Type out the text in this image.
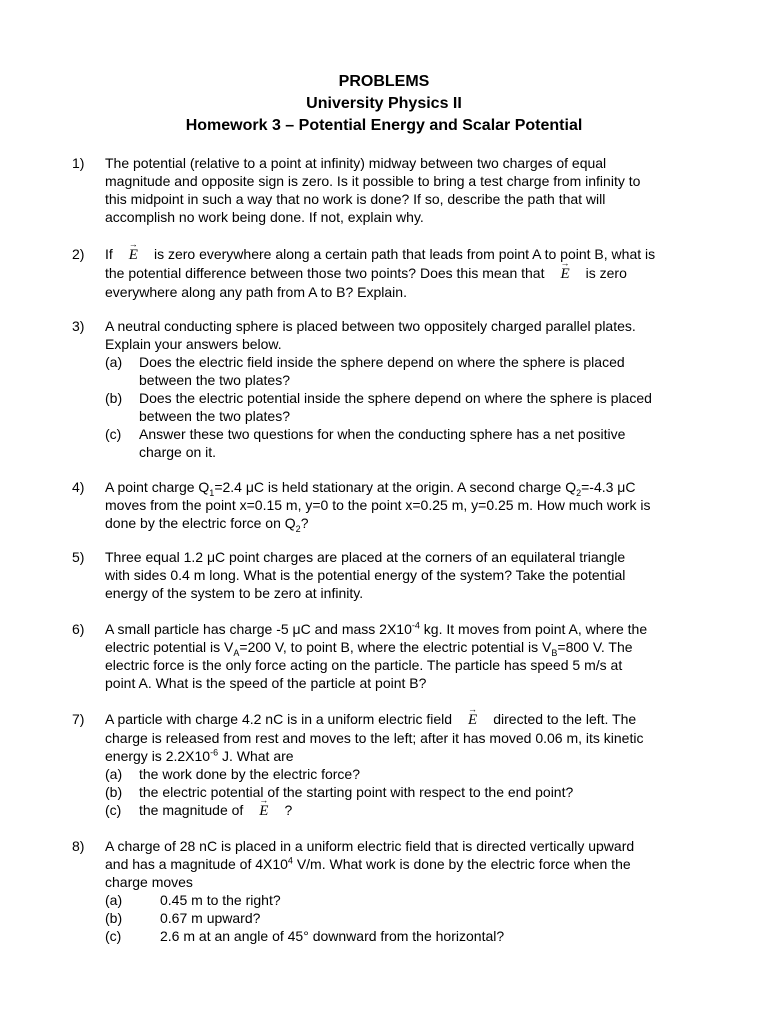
PROBLEMS
University Physics II
Homework 3 – Potential Energy and Scalar Potential
1) The potential (relative to a point at infinity) midway between two charges of equal
magnitude and opposite sign is zero. Is it possible to bring a test charge from infinity to
this midpoint in such a way that no work is done? If so, describe the path that will
accomplish no work being done. If not, explain why.
2) If → E is zero everywhere along a certain path that leads from point A to point B, what is
the potential difference between those two points? Does this mean that → E is zero
everywhere along any path from A to B? Explain.
3) A neutral conducting sphere is placed between two oppositely charged parallel plates.
Explain your answers below.
(a) Does the electric field inside the sphere depend on where the sphere is placed
between the two plates?
(b) Does the electric potential inside the sphere depend on where the sphere is placed
between the two plates?
(c) Answer these two questions for when the conducting sphere has a net positive
charge on it.
4) A point charge $Q_1=2.4$ μC is held stationary at the origin. A second charge $Q_2=-4.3$ μC
moves from the point x=0.15 m, y=0 to the point x=0.25 m, y=0.25 m. How much work is
done by the electric force on $Q_2$?
5) Three equal 1.2 μC point charges are placed at the corners of an equilateral triangle
with sides 0.4 m long. What is the potential energy of the system? Take the potential
energy of the system to be zero at infinity.
6) A small particle has charge -5 μC and mass $2X10^{-4}$ kg. It moves from point A, where the
electric potential is $V_A=200$ V, to point B, where the electric potential is $V_B=800$ V. The
electric force is the only force acting on the particle. The particle has speed 5 m/s at
point A. What is the speed of the particle at point B?
7) A particle with charge 4.2 nC is in a uniform electric field → E directed to the left. The
charge is released from rest and moves to the left; after it has moved 0.06 m, its kinetic
energy is $2.2X10^{-6}$ J. What are
(a) the work done by the electric force?
(b) the electric potential of the starting point with respect to the end point?
(c) the magnitude of → E ?
8) A charge of 28 nC is placed in a uniform electric field that is directed vertically upward
and has a magnitude of $4X10^4$ V/m. What work is done by the electric force when the
charge moves
(a)	0.45 m to the right?
(b)	0.67 m upward?
(c)	2.6 m at an angle of 45° downward from the horizontal?
